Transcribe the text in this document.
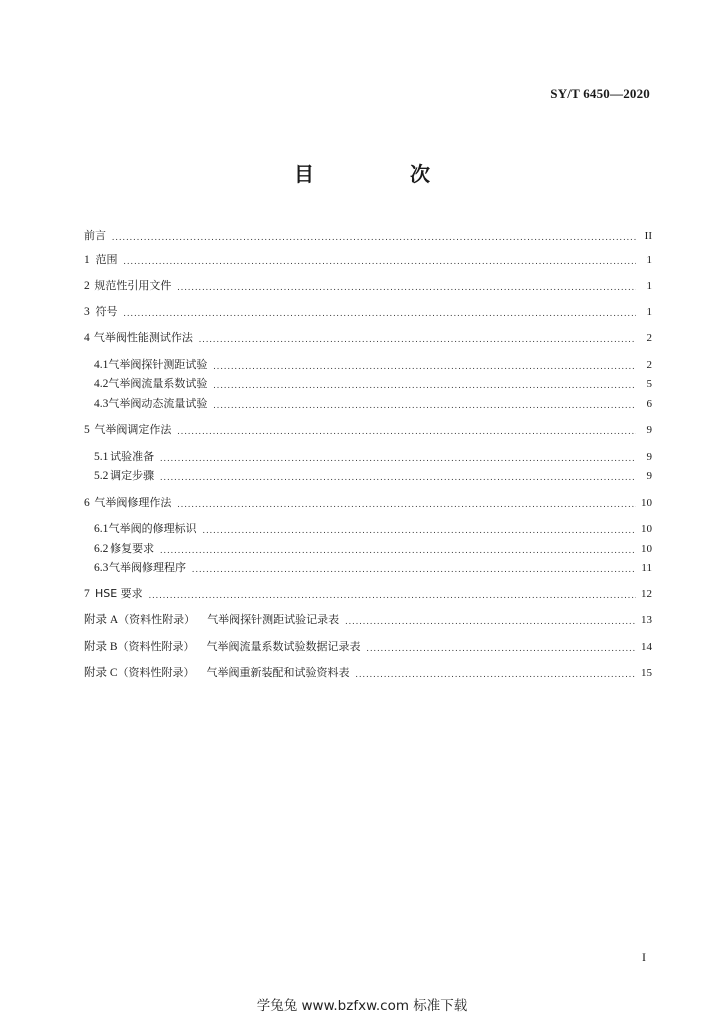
SY/T 6450—2020
目　次
前言 .....	II
1 范围 .....	1
2 规范性引用文件 .....	1
3 符号 .....	1
4 气举阀性能测试作法 .....	2
4.1 气举阀探针测距试验 .....	2
4.2 气举阀流量系数试验 .....	5
4.3 气举阀动态流量试验 .....	6
5 气举阀调定作法 .....	9
5.1 试验准备 .....	9
5.2 调定步骤 .....	9
6 气举阀修理作法 .....	10
6.1 气举阀的修理标识 .....	10
6.2 修复要求 .....	10
6.3 气举阀修理程序 .....	11
7 HSE 要求 .....	12
附录 A （资料性附录）	气举阀探针测距试验记录表 .....	13
附录 B （资料性附录）	气举阀流量系数试验数据记录表 .....	14
附录 C （资料性附录）	气举阀重新装配和试验资料表 .....	15
I
学兔兔 www.bzfxw.com 标准下载
